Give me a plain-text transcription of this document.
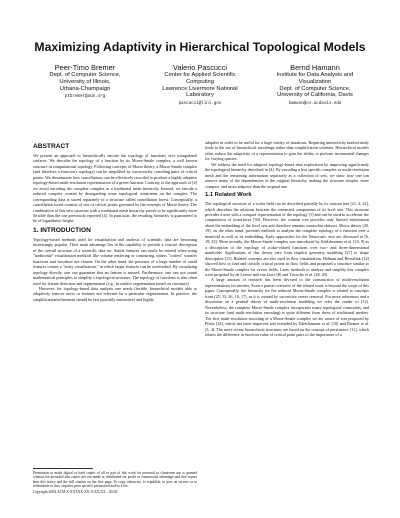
Maximizing Adaptivity in Hierarchical Topological Models
Peer-Timo Bremer
Dept. of Computer Science,
University of Illinois,
Urbana-Champaign
ptbremer@acm.org
Valerio Pascucci
Center for Applied Scientific
Computing
Lawrence Livermore National
Laboratory
pascucci@llnl.gov
Bernd Hamann
Institute for Data Analysis and
Visualization
Dept. of Computer Science,
University of California, Davis
hamann@cs.ucdavis.edu
ABSTRACT

We present an approach to hierarchically encode the topology of functions over triangulated surfaces. We describe the topology of a function by its Morse-Smale complex, a well known structure in computational topology. Following concepts of Morse theory, a Morse-Smale complex (and therefore a function's topology) can be simplified by successively canceling pairs of critical points. We demonstrate how cancellations can be effectively recorded to produce a highly adaptive topology-based multi-resolution representation of a given function. Contrary to the approach of [4] we avoid encoding the complete complex in a traditional mesh hierarchy. Instead, we encode a reduced complex created by disregarding some topological constraints on the complex. The corresponding data is stored separately in a structure called cancellation forest. Conceptually, a cancellation forest consists of sets of critical points governed by the concepts of Morse theory. The combination of this new structure with a traditional mesh hierarchy proofs to be significantly more flexible than the one previously reported [4]. In particular, the resulting hierarchy is guaranteed to be of logarithmic height.

1. INTRODUCTION

Topology-based methods used for visualization and analysis of scientific data are becoming increasingly popular. Their main advantage lies in the capability to provide a concise description of the overall structure of a scientific data set. Subtle features can easily be missed when using "traditional" visualization methods like volume rendering or contouring, unless "correct" transfer functions and isovalues are chosen. On the other hand, the presence of a large number of small features creates a "noisy visualization," in which larger features can be overlooked. By visualizing topology directly, one can guarantee that no feature is missed. Furthermore, one can use sound mathematical principles to simplify a topological structure. The topology of functions is also often used for feature detection and segmentation (e.g., in surface segmentation based on curvature).

However, for topology-based data analysis one needs flexible, hierarchical models able to adaptively remove noise or features not relevant for a particular segmentation. In practice, the simplification/refinement should be fast (possibly interactive) and highly

adaptive in order to be useful for a large variety of situations. Requiring interactivity inadvertently leads to the use of hierarchical encodings rather than simplification schemes. Hierarchical models often reduce the adaptivity of a representation to gain the ability to perform incremental changes for varying queries.

We address the need for adaptive topology-based data exploration by improving significantly the topological hierarchy described in [4]. By encoding a less specific complex as multi-resolution mesh and the remaining information separately as a collection of sets, we show how one can remove many of the dependencies in the original hierarchy, making the structure simpler, more compact, and more adaptive than the original one.

1.1 Related Work

The topological structure of a scalar field can be described partially by its contour tree [21, 3, 22], which describes the relations between the connected components of its level sets. This structure provides a user with a compact representation of the topology [1] and can be used to accelerate the computation of isosurfaces [30]. However, the contour tree provides only limited information about the embedding of the level sets and therefore remains somewhat abstract. Morse theory [20, 19], on the other hand, provides methods to analyze the complete topology of a function over a manifold as well as its embedding. Early approaches for the Neuro-atic case are discussed in [6, 18, 23]. More recently, the Morse-Smale complex was introduced by Edelsbrunner et al. [10, 9] as a description of the topology of scalar-valued functions over two- and three-dimensional manifolds. Applications of this theory vary from implicit geometry modeling [27] to shape description [15]. Related concepts are also used in flow visualization. Helman and Hesselink [14] showed how to find and classify critical points in flow fields and proposed a structure similar to the Morse-Smale complex for vector fields. Later, methods to analyze and simplify this complex were proposed by de Leeuw and van Liere [8] and Tricoche et al. [28, 29].

A large amount of research has been devoted to the construction of multi-resolution representations for meshes. Even a partial overview of the related work is beyond the scope of this paper. Conceptually, the hierarchy for the reduced Morse-Smale complex is related to concepts from [25, 13, 26, 16, 17], as it is created by successive vertex removal. For more references and a discussion on a general theory of multi-resolution modeling we refer the reader to [12]. Nevertheless, the complete Morse-Smale complex incorporates many topological constraints, and its structure (and multi-resolution encoding) is quite different from those of traditional meshes. The first multi-resolution encoding of a Morse-Smale complex we are aware of was proposed by Pfaltz [24], which has been improved and extended by Edelsbrunner et al. [10] and Bremer et al. [3, 4]. The more recent hierarchical structures are based on the concept of persistence [11], which relates the difference in function value of critical point pairs to the importance of a

Permission to make digital or hard copies of all or part of this work for personal or classroom use is granted without fee provided that copies are not made or distributed for profit or commercial advantage and that copies bear this notice and the full citation on the first page. To copy otherwise, to republish, to post on servers or to redistribute to lists, requires prior specific permission and/or a fee.
Copyright 200X ACM X-XXXXX-XX-X/XX/XX ...$5.00.
